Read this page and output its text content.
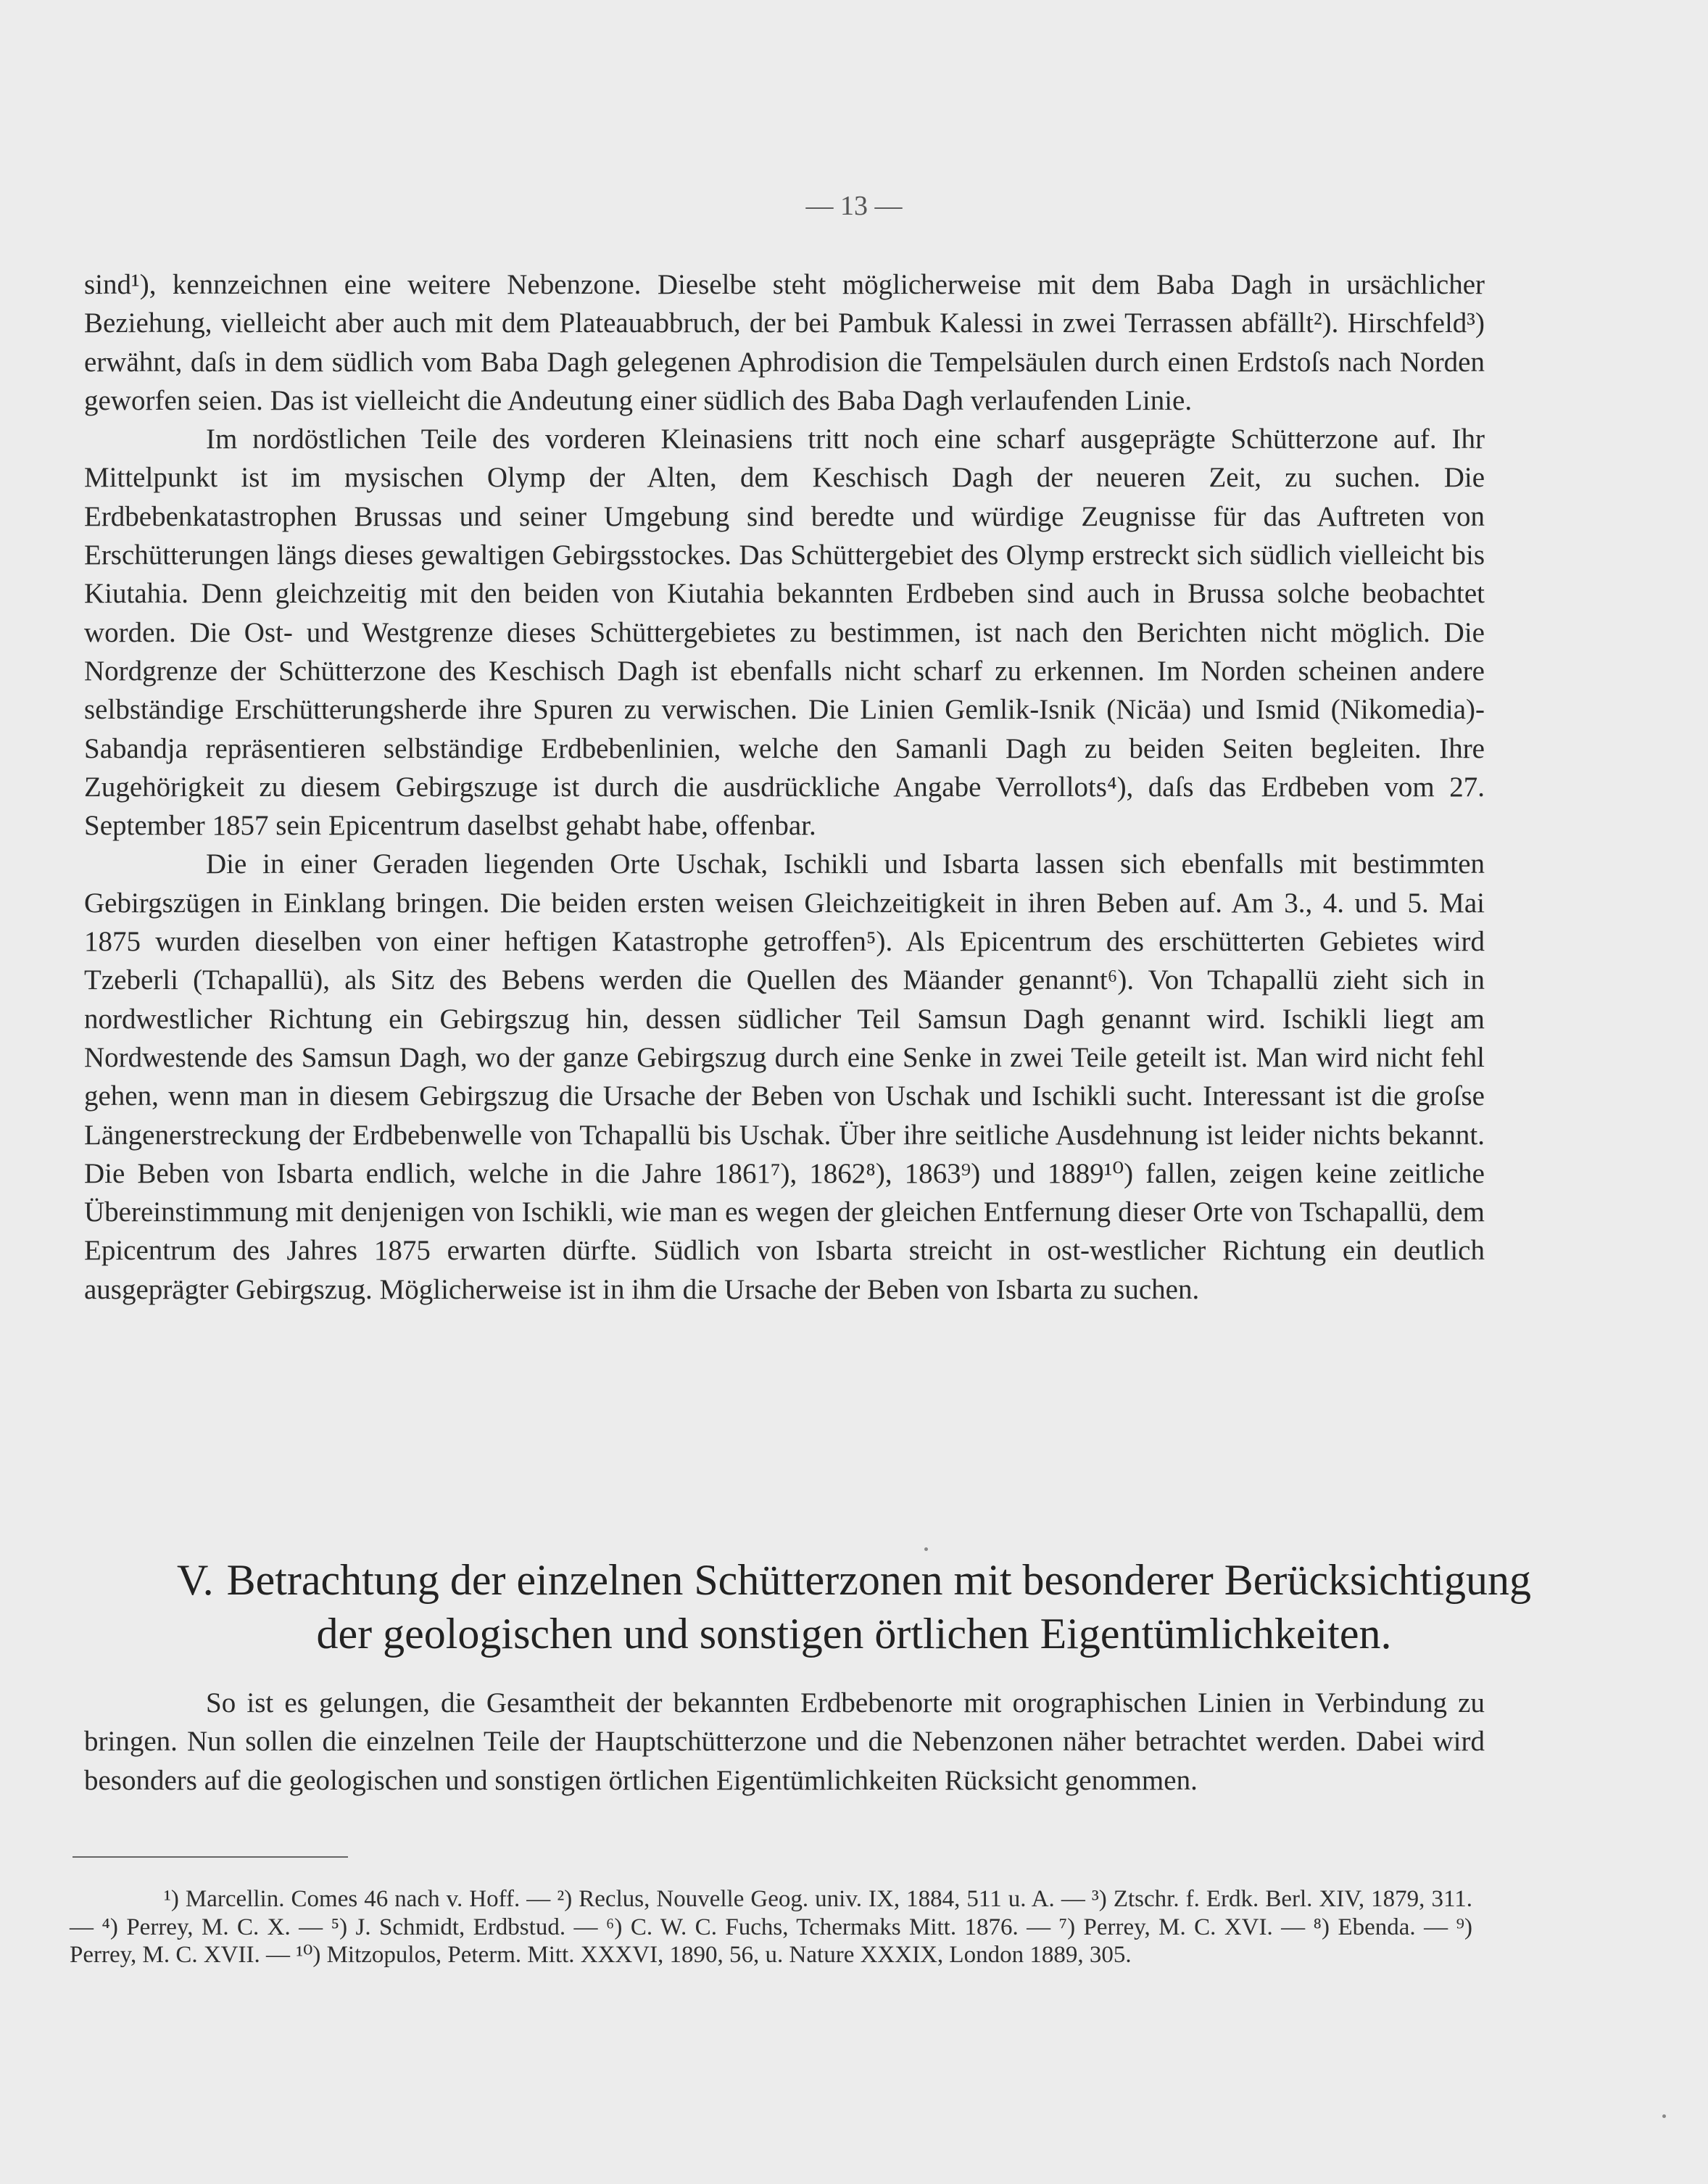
— 13 —

sind¹), kennzeichnen eine weitere Nebenzone. Dieselbe steht möglicherweise mit dem Baba Dagh in ursächlicher Beziehung, vielleicht aber auch mit dem Plateauabbruch, der bei Pambuk Kalessi in zwei Terrassen abfällt²). Hirschfeld³) erwähnt, daſs in dem südlich vom Baba Dagh gelegenen Aphrodision die Tempelsäulen durch einen Erdstoſs nach Norden geworfen seien. Das ist vielleicht die Andeutung einer südlich des Baba Dagh verlaufenden Linie.

Im nordöstlichen Teile des vorderen Kleinasiens tritt noch eine scharf ausgeprägte Schütterzone auf. Ihr Mittelpunkt ist im mysischen Olymp der Alten, dem Keschisch Dagh der neueren Zeit, zu suchen. Die Erdbebenkatastrophen Brussas und seiner Umgebung sind beredte und würdige Zeugnisse für das Auftreten von Erschütterungen längs dieses gewaltigen Gebirgsstockes. Das Schüttergebiet des Olymp erstreckt sich südlich vielleicht bis Kiutahia. Denn gleichzeitig mit den beiden von Kiutahia bekannten Erdbeben sind auch in Brussa solche beobachtet worden. Die Ost- und Westgrenze dieses Schüttergebietes zu bestimmen, ist nach den Berichten nicht möglich. Die Nordgrenze der Schütterzone des Keschisch Dagh ist ebenfalls nicht scharf zu erkennen. Im Norden scheinen andere selbständige Erschütterungsherde ihre Spuren zu verwischen. Die Linien Gemlik-Isnik (Nicäa) und Ismid (Nikomedia)-Sabandja repräsentieren selbständige Erdbebenlinien, welche den Samanli Dagh zu beiden Seiten begleiten. Ihre Zugehörigkeit zu diesem Gebirgszuge ist durch die ausdrückliche Angabe Verrollots⁴), daſs das Erdbeben vom 27. September 1857 sein Epicentrum daselbst gehabt habe, offenbar.

Die in einer Geraden liegenden Orte Uschak, Ischikli und Isbarta lassen sich ebenfalls mit bestimmten Gebirgszügen in Einklang bringen. Die beiden ersten weisen Gleichzeitigkeit in ihren Beben auf. Am 3., 4. und 5. Mai 1875 wurden dieselben von einer heftigen Katastrophe getroffen⁵). Als Epicentrum des erschütterten Gebietes wird Tzeberli (Tchapallü), als Sitz des Bebens werden die Quellen des Mäander genannt⁶). Von Tchapallü zieht sich in nordwestlicher Richtung ein Gebirgszug hin, dessen südlicher Teil Samsun Dagh genannt wird. Ischikli liegt am Nordwestende des Samsun Dagh, wo der ganze Gebirgszug durch eine Senke in zwei Teile geteilt ist. Man wird nicht fehl gehen, wenn man in diesem Gebirgszug die Ursache der Beben von Uschak und Ischikli sucht. Interessant ist die groſse Längenerstreckung der Erdbebenwelle von Tchapallü bis Uschak. Über ihre seitliche Ausdehnung ist leider nichts bekannt. Die Beben von Isbarta endlich, welche in die Jahre 1861⁷), 1862⁸), 1863⁹) und 1889¹⁰) fallen, zeigen keine zeitliche Übereinstimmung mit denjenigen von Ischikli, wie man es wegen der gleichen Entfernung dieser Orte von Tschapallü, dem Epicentrum des Jahres 1875 erwarten dürfte. Südlich von Isbarta streicht in ost-westlicher Richtung ein deutlich ausgeprägter Gebirgszug. Möglicherweise ist in ihm die Ursache der Beben von Isbarta zu suchen.

V. Betrachtung der einzelnen Schütterzonen mit besonderer Berücksichtigung
der geologischen und sonstigen örtlichen Eigentümlichkeiten.

So ist es gelungen, die Gesamtheit der bekannten Erdbebenorte mit orographischen Linien in Verbindung zu bringen. Nun sollen die einzelnen Teile der Hauptschütterzone und die Nebenzonen näher betrachtet werden. Dabei wird besonders auf die geologischen und sonstigen örtlichen Eigentümlichkeiten Rücksicht genommen.

¹) Marcellin. Comes 46 nach v. Hoff. — ²) Reclus, Nouvelle Geog. univ. IX, 1884, 511 u. A. — ³) Ztschr. f. Erdk. Berl. XIV, 1879, 311. — ⁴) Perrey, M. C. X. — ⁵) J. Schmidt, Erdbstud. — ⁶) C. W. C. Fuchs, Tchermaks Mitt. 1876. — ⁷) Perrey, M. C. XVI. — ⁸) Ebenda. — ⁹) Perrey, M. C. XVII. — ¹⁰) Mitzopulos, Peterm. Mitt. XXXVI, 1890, 56, u. Nature XXXIX, London 1889, 305.
